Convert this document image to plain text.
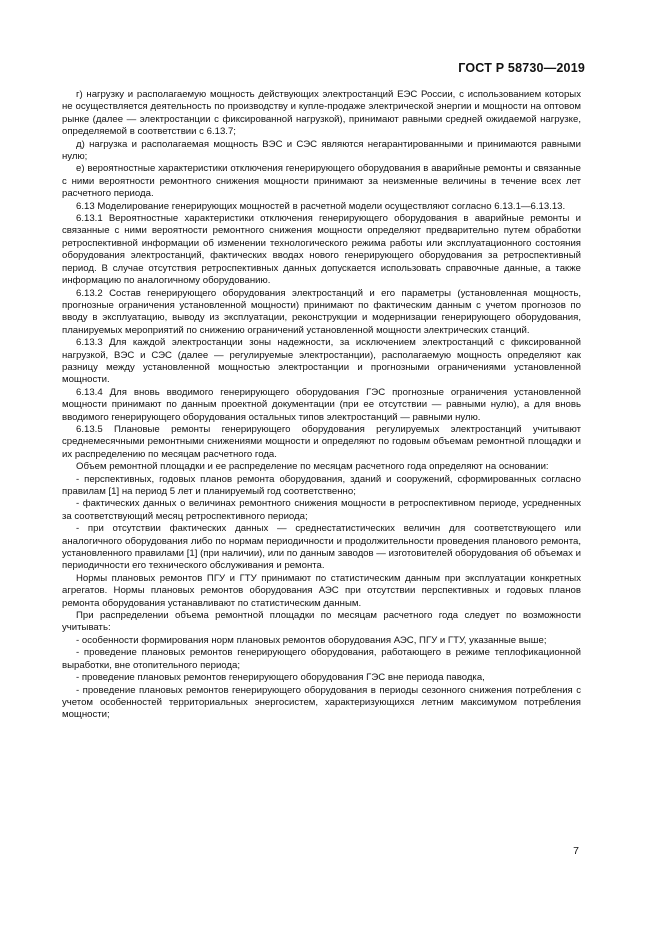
ГОСТ Р 58730—2019

г) нагрузку и располагаемую мощность действующих электростанций ЕЭС России, с использованием которых не осуществляется деятельность по производству и купле-продаже электрической энергии и мощности на оптовом рынке (далее — электростанции с фиксированной нагрузкой), принимают равными средней ожидаемой нагрузке, определяемой в соответствии с 6.13.7;

д) нагрузка и располагаемая мощность ВЭС и СЭС являются негарантированными и принимаются равными нулю;

е) вероятностные характеристики отключения генерирующего оборудования в аварийные ремонты и связанные с ними вероятности ремонтного снижения мощности принимают за неизменные величины в течение всех лет расчетного периода.

6.13 Моделирование генерирующих мощностей в расчетной модели осуществляют согласно 6.13.1—6.13.13.

6.13.1 Вероятностные характеристики отключения генерирующего оборудования в аварийные ремонты и связанные с ними вероятности ремонтного снижения мощности определяют предварительно путем обработки ретроспективной информации об изменении технологического режима работы или эксплуатационного состояния оборудования электростанций, фактических вводах нового генерирующего оборудования за ретроспективный период. В случае отсутствия ретроспективных данных допускается использовать справочные данные, а также информацию по аналогичному оборудованию.

6.13.2 Состав генерирующего оборудования электростанций и его параметры (установленная мощность, прогнозные ограничения установленной мощности) принимают по фактическим данным с учетом прогнозов по вводу в эксплуатацию, выводу из эксплуатации, реконструкции и модернизации генерирующего оборудования, планируемых мероприятий по снижению ограничений установленной мощности электрических станций.

6.13.3 Для каждой электростанции зоны надежности, за исключением электростанций с фиксированной нагрузкой, ВЭС и СЭС (далее — регулируемые электростанции), располагаемую мощность определяют как разницу между установленной мощностью электростанции и прогнозными ограничениями установленной мощности.

6.13.4 Для вновь вводимого генерирующего оборудования ГЭС прогнозные ограничения установленной мощности принимают по данным проектной документации (при ее отсутствии — равными нулю), а для вновь вводимого генерирующего оборудования остальных типов электростанций — равными нулю.

6.13.5 Плановые ремонты генерирующего оборудования регулируемых электростанций учитывают среднемесячными ремонтными снижениями мощности и определяют по годовым объемам ремонтной площадки и их распределению по месяцам расчетного года.

Объем ремонтной площадки и ее распределение по месяцам расчетного года определяют на основании:

- перспективных, годовых планов ремонта оборудования, зданий и сооружений, сформированных согласно правилам [1] на период 5 лет и планируемый год соответственно;

- фактических данных о величинах ремонтного снижения мощности в ретроспективном периоде, усредненных за соответствующий месяц ретроспективного периода;

- при отсутствии фактических данных — среднестатистических величин для соответствующего или аналогичного оборудования либо по нормам периодичности и продолжительности проведения планового ремонта, установленного правилами [1] (при наличии), или по данным заводов — изготовителей оборудования об объемах и периодичности его технического обслуживания и ремонта.

Нормы плановых ремонтов ПГУ и ГТУ принимают по статистическим данным при эксплуатации конкретных агрегатов. Нормы плановых ремонтов оборудования АЭС при отсутствии перспективных и годовых планов ремонта оборудования устанавливают по статистическим данным.

При распределении объема ремонтной площадки по месяцам расчетного года следует по возможности учитывать:

- особенности формирования норм плановых ремонтов оборудования АЭС, ПГУ и ГТУ, указанные выше;

- проведение плановых ремонтов генерирующего оборудования, работающего в режиме теплофикационной выработки, вне отопительного периода;

- проведение плановых ремонтов генерирующего оборудования ГЭС вне периода паводка,

- проведение плановых ремонтов генерирующего оборудования в периоды сезонного снижения потребления с учетом особенностей территориальных энергосистем, характеризующихся летним максимумом потребления мощности;

7
